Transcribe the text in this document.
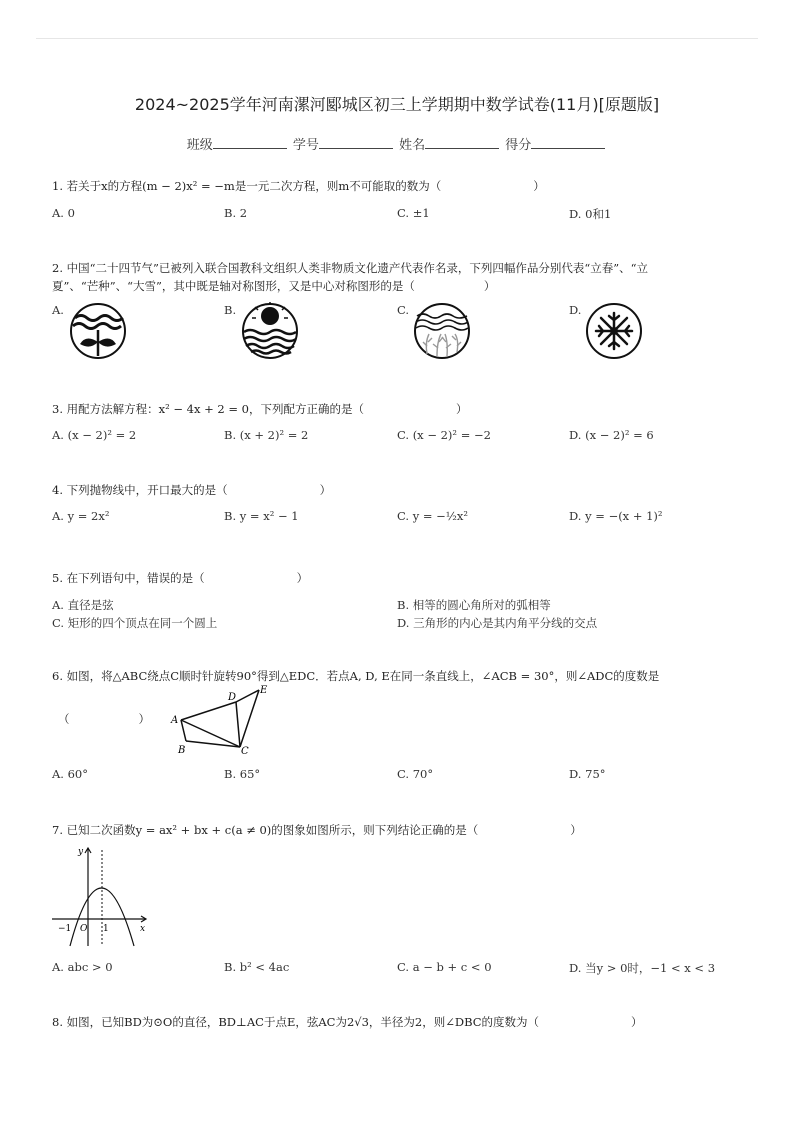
2024~2025学年河南漯河郾城区初三上学期期中数学试卷(11月)[原题版]
班级	学号	姓名	得分
1. 若关于x的方程(m − 2)x² = −m是一元二次方程，则m不可能取的数为（　　　　　　　　）
A. 0	B. 2	C. ±1	D. 0和1
2. 中国“二十四节气”已被列入联合国教科文组织人类非物质文化遗产代表作名录，下列四幅作品分别代表“立春”、“立
夏”、“芒种”、“大雪”，其中既是轴对称图形，又是中心对称图形的是（　　　　　　）
A.	B.	C.	D.
3. 用配方法解方程：x² − 4x + 2 = 0，下列配方正确的是（　　　　　　　　）
A. (x − 2)² = 2	B. (x + 2)² = 2	C. (x − 2)² = −2	D. (x − 2)² = 6
4. 下列抛物线中，开口最大的是（　　　　　　　　）
A. y = 2x²	B. y = x² − 1	C. y = −½x²	D. y = −(x + 1)²
5. 在下列语句中，错误的是（　　　　　　　　）
A. 直径是弦	B. 相等的圆心角所对的弧相等
C. 矩形的四个顶点在同一个圆上	D. 三角形的内心是其内角平分线的交点
6. 如图，将△ABC绕点C顺时针旋转90°得到△EDC．若点A, D, E在同一条直线上，∠ACB = 30°，则∠ADC的度数是
（　　　　　　）
D
E
A
B	C
A. 60°	B. 65°	C. 70°	D. 75°
7. 已知二次函数y = ax² + bx + c(a ≠ 0)的图象如图所示，则下列结论正确的是（　　　　　　　　）
y
O
−1	1	x
A. abc > 0	B. b² < 4ac	C. a − b + c < 0	D. 当y > 0时，−1 < x < 3
8. 如图，已知BD为⊙O的直径，BD⊥AC于点E，弦AC为2√3，半径为2，则∠DBC的度数为（　　　　　　　　）
